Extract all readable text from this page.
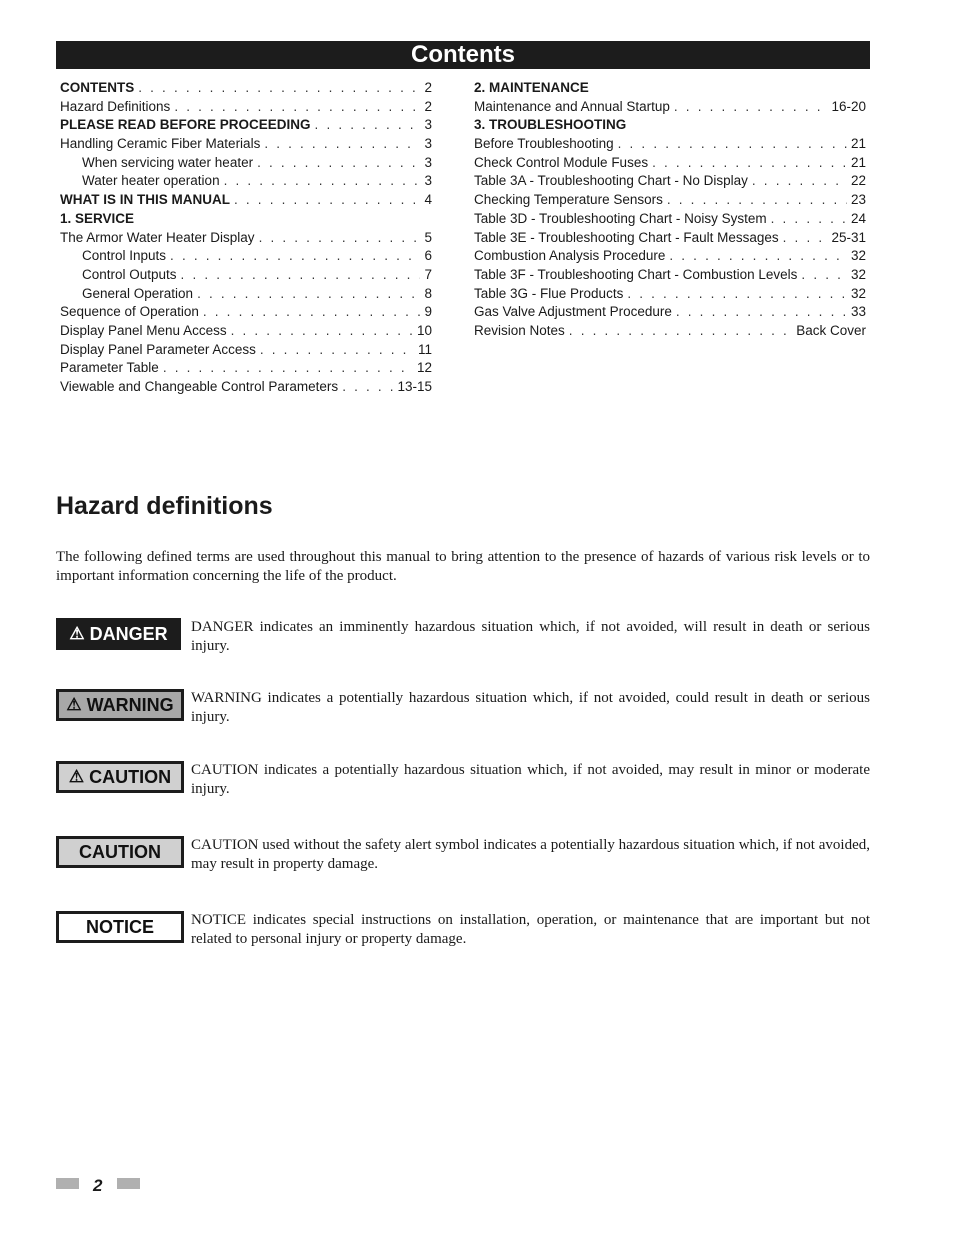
Contents
CONTENTS . . .	2
Hazard Definitions . . .	2
PLEASE READ BEFORE PROCEEDING . . .	3
Handling Ceramic Fiber Materials . . .	3
When servicing water heater . . .	3
Water heater operation . . .	3
WHAT IS IN THIS MANUAL . . .	4
1. SERVICE
The Armor Water Heater Display . . .	5
Control Inputs . . .	6
Control Outputs . . .	7
General Operation . . .	8
Sequence of Operation . . .	9
Display Panel Menu Access . . .	10
Display Panel Parameter Access . . .	11
Parameter Table . . .	12
Viewable and Changeable Control Parameters . . .	13-15
2. MAINTENANCE
Maintenance and Annual Startup . . .	16-20
3. TROUBLESHOOTING
Before Troubleshooting . . .	21
Check Control Module Fuses . . .	21
Table 3A - Troubleshooting Chart - No Display . . .	22
Checking Temperature Sensors . . .	23
Table 3D - Troubleshooting Chart - Noisy System . . .	24
Table 3E - Troubleshooting Chart - Fault Messages . . .	25-31
Combustion Analysis Procedure . . .	32
Table 3F - Troubleshooting Chart - Combustion Levels . . .	32
Table 3G - Flue Products . . .	32
Gas Valve Adjustment Procedure . . .	33
Revision Notes . . .	Back Cover
Hazard definitions

The following defined terms are used throughout this manual to bring attention to the presence of hazards of various risk levels or to important information concerning the life of the product.

⚠ DANGER DANGER indicates an imminently hazardous situation which, if not avoided, will result in death or serious injury.

⚠ WARNING WARNING indicates a potentially hazardous situation which, if not avoided, could result in death or serious injury.

⚠ CAUTION CAUTION indicates a potentially hazardous situation which, if not avoided, may result in minor or moderate injury.

CAUTION CAUTION used without the safety alert symbol indicates a potentially hazardous situation which, if not avoided, may result in property damage.

NOTICE NOTICE indicates special instructions on installation, operation, or maintenance that are important but not related to personal injury or property damage.

2
